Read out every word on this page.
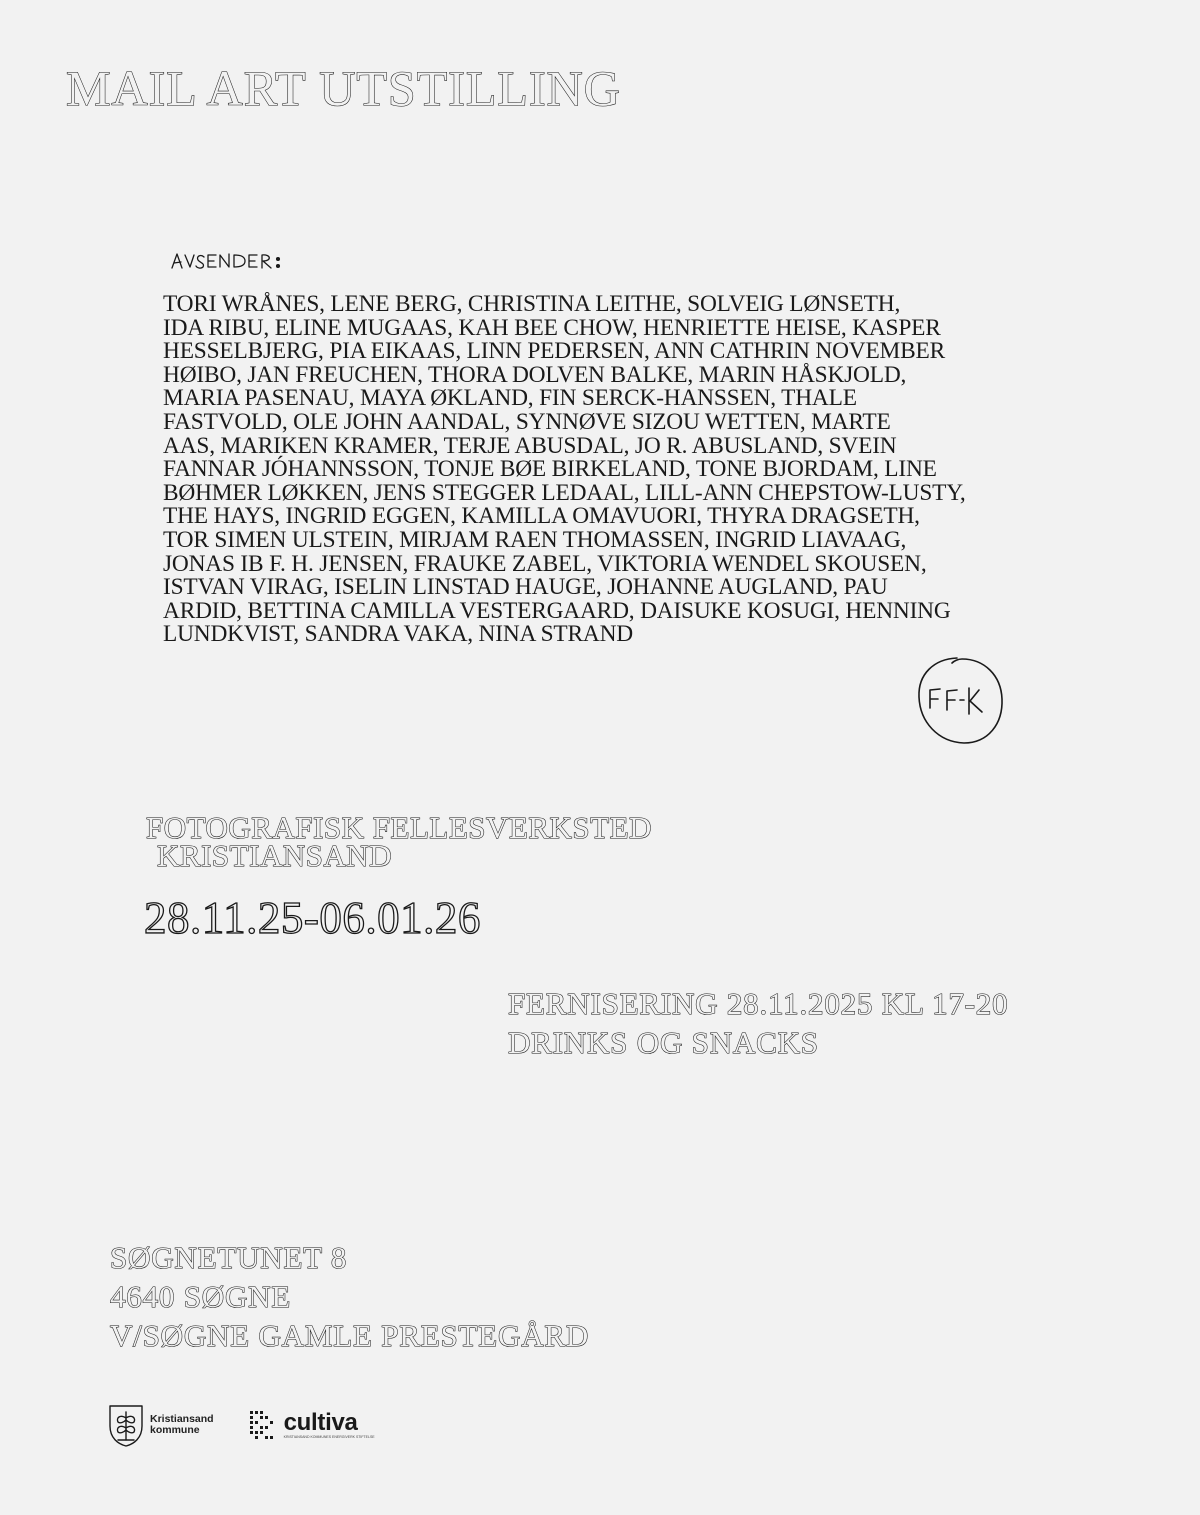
MAIL ART UTSTILLING
TORI WRÅNES, LENE BERG, CHRISTINA LEITHE, SOLVEIG LØNSETH,
IDA RIBU, ELINE MUGAAS, KAH BEE CHOW, HENRIETTE HEISE, KASPER
HESSELBJERG, PIA EIKAAS, LINN PEDERSEN, ANN CATHRIN NOVEMBER
HØIBO, JAN FREUCHEN, THORA DOLVEN BALKE, MARIN HÅSKJOLD,
MARIA PASENAU, MAYA ØKLAND, FIN SERCK-HANSSEN, THALE
FASTVOLD, OLE JOHN AANDAL, SYNNØVE SIZOU WETTEN, MARTE
AAS, MARIKEN KRAMER, TERJE ABUSDAL, JO R. ABUSLAND, SVEIN
FANNAR JÓHANNSSON, TONJE BØE BIRKELAND, TONE BJORDAM, LINE
BØHMER LØKKEN, JENS STEGGER LEDAAL, LILL-ANN CHEPSTOW-LUSTY,
THE HAYS, INGRID EGGEN, KAMILLA OMAVUORI, THYRA DRAGSETH,
TOR SIMEN ULSTEIN, MIRJAM RAEN THOMASSEN, INGRID LIAVAAG,
JONAS IB F. H. JENSEN, FRAUKE ZABEL, VIKTORIA WENDEL SKOUSEN,
ISTVAN VIRAG, ISELIN LINSTAD HAUGE, JOHANNE AUGLAND, PAU
ARDID, BETTINA CAMILLA VESTERGAARD, DAISUKE KOSUGI, HENNING
LUNDKVIST, SANDRA VAKA, NINA STRAND
FOTOGRAFISK FELLESVERKSTED
KRISTIANSAND
28.11.25-06.01.26
FERNISERING 28.11.2025 KL 17-20
DRINKS OG SNACKS
SØGNETUNET 8
4640 SØGNE
V/SØGNE GAMLE PRESTEGÅRD
Kristiansand
kommune	cultiva
KRISTIANSAND KOMMUNES ENERGIVERK STIFTELSE
